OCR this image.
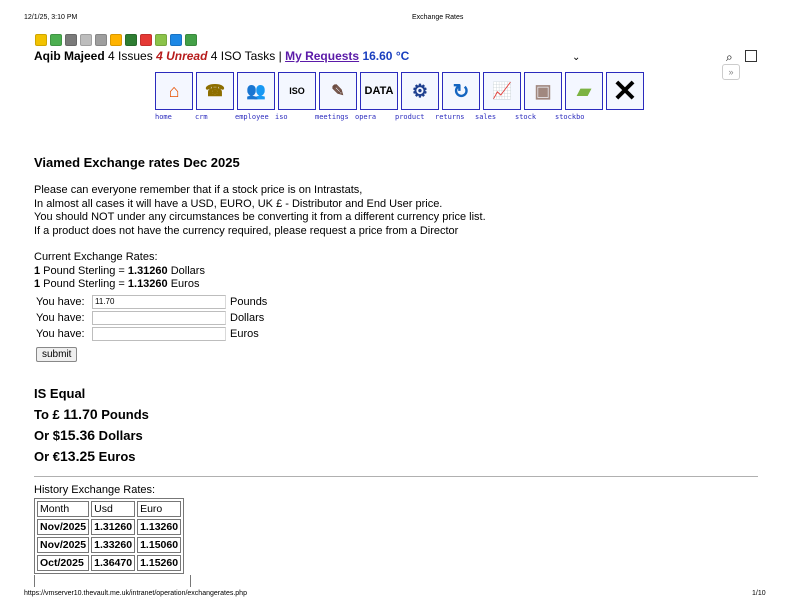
12/1/25, 3:10 PM	Exchange Rates
Aqib Majeed 4 Issues 4 Unread 4 ISO Tasks | My Requests 16.60 °C	⌄	⌕
»
⌂ ☎ 👥	ISO ✎ DATA ⚙ ↻ 📈 ▣ ▰ ✕
home	crm	employee iso	meetings opera	product	returns	sales	stock	stockbo
Viamed Exchange rates Dec 2025
Please can everyone remember that if a stock price is on Intrastats,
In almost all cases it will have a USD, EURO, UK £ - Distributor and End User price.
You should NOT under any circumstances be converting it from a different currency price list.
If a product does not have the currency required, please request a price from a Director
Current Exchange Rates:
1 Pound Sterling = 1.31260 Dollars
1 Pound Sterling = 1.13260 Euros
You have:	11.70	Pounds
You have:	Dollars
You have:	Euros
submit
IS Equal
To £ 11.70 Pounds
Or $15.36 Dollars
Or €13.25 Euros
History Exchange Rates:
Month	Usd	Euro
Nov/2025	1.31260	1.13260
Nov/2025	1.33260	1.15060
Oct/2025	1.36470	1.15260
https://vmserver10.thevault.me.uk/intranet/operation/exchangerates.php	1/10
